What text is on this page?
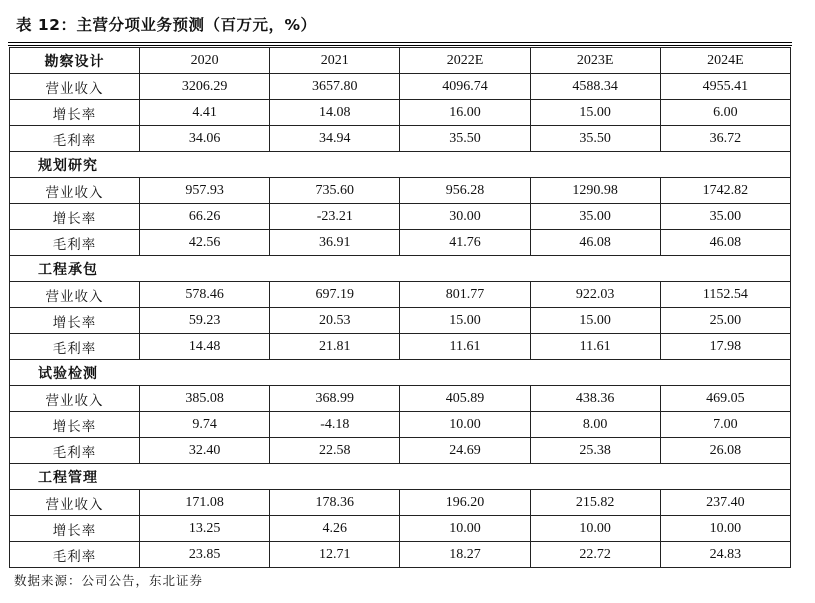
表 12：主营分项业务预测（百万元，%）
勘察设计	2020	2021	2022E	2023E	2024E
营业收入	3206.29	3657.80	4096.74	4588.34	4955.41
增长率	4.41	14.08	16.00	15.00	6.00
毛利率	34.06	34.94	35.50	35.50	36.72
规划研究					
营业收入	957.93	735.60	956.28	1290.98	1742.82
增长率	66.26	-23.21	30.00	35.00	35.00
毛利率	42.56	36.91	41.76	46.08	46.08
工程承包					
营业收入	578.46	697.19	801.77	922.03	1152.54
增长率	59.23	20.53	15.00	15.00	25.00
毛利率	14.48	21.81	11.61	11.61	17.98
试验检测					
营业收入	385.08	368.99	405.89	438.36	469.05
增长率	9.74	-4.18	10.00	8.00	7.00
毛利率	32.40	22.58	24.69	25.38	26.08
工程管理					
营业收入	171.08	178.36	196.20	215.82	237.40
增长率	13.25	4.26	10.00	10.00	10.00
毛利率	23.85	12.71	18.27	22.72	24.83
数据来源：公司公告，东北证券
